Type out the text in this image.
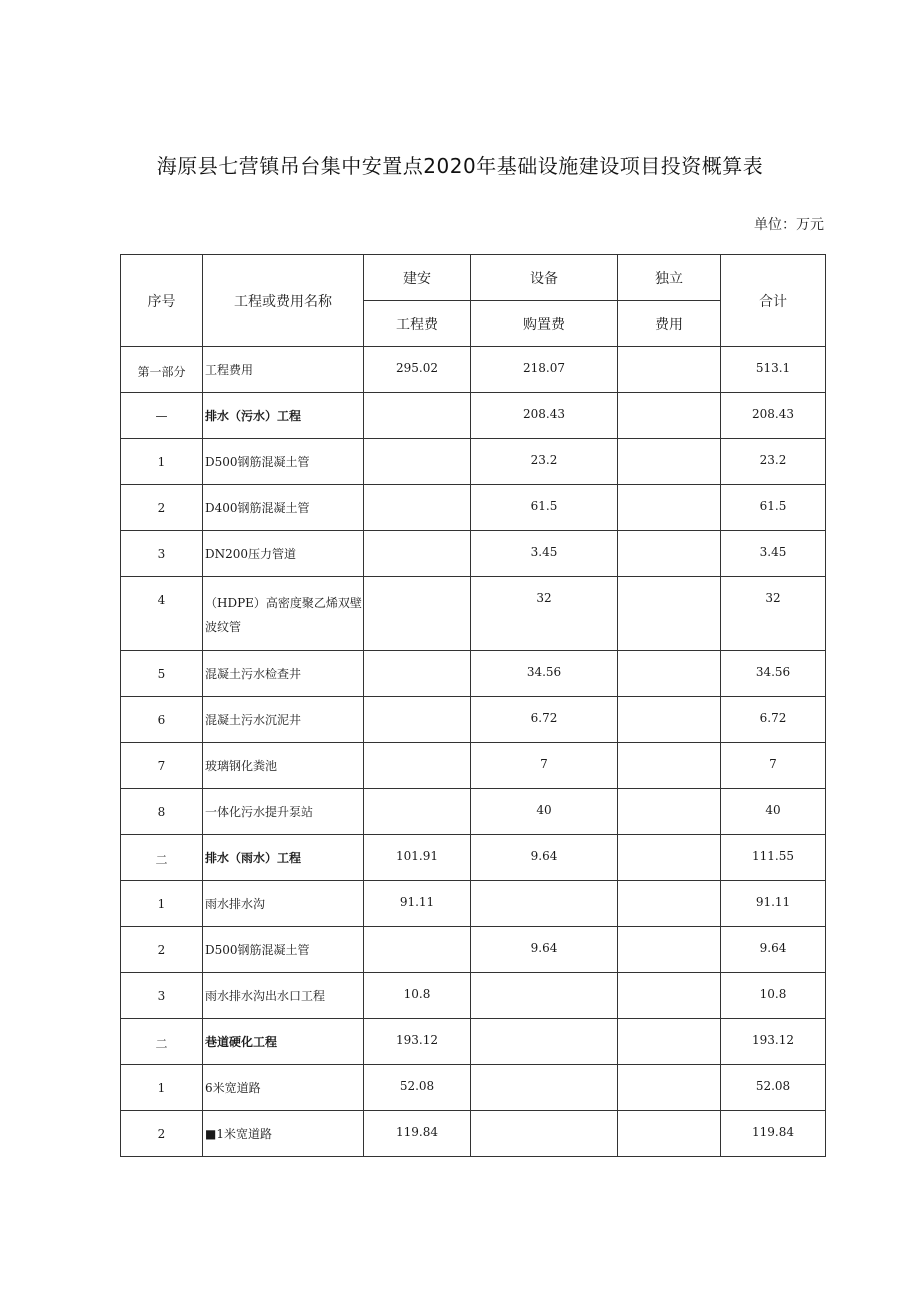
海原县七营镇吊台集中安置点2020年基础设施建设项目投资概算表
单位：万元
序号	工程或费用名称	建安	设备	独立	合计
		工程费	购置费	费用	
第一部分	工程费用	295.02	218.07		513.1
—	排水（污水）工程		208.43		208.43
1	D500钢筋混凝土管		23.2		23.2
2	D400钢筋混凝土管		61.5		61.5
3	DN200压力管道		3.45		3.45
4	（HDPE）高密度聚乙烯双壁波纹管		32		32
5	混凝土污水检查井		34.56		34.56
6	混凝土污水沉泥井		6.72		6.72
7	玻璃钢化粪池		7		7
8	一体化污水提升泵站		40		40
二	排水（雨水）工程	101.91	9.64		111.55
1	雨水排水沟	91.11			91.11
2	D500钢筋混凝土管		9.64		9.64
3	雨水排水沟出水口工程	10.8			10.8
二	巷道硬化工程	193.12			193.12
1	6米宽道路	52.08			52.08
2	■1米宽道路	119.84			119.84
